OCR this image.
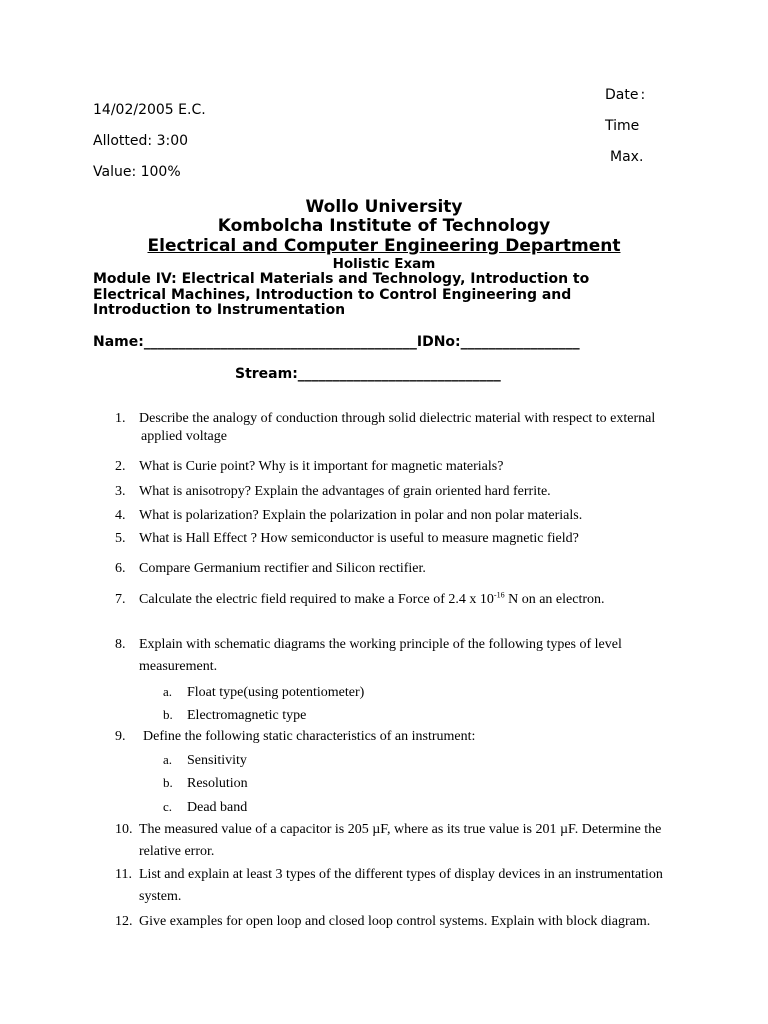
Date :
14/02/2005 E.C.
Time
Allotted: 3:00
Max.
Value: 100%
Wollo University
Kombolcha Institute of Technology
Electrical and Computer Engineering Department
Holistic Exam
Module IV: Electrical Materials and Technology, Introduction to Electrical Machines, Introduction to Control Engineering and Introduction to Instrumentation
Name:_______________________________________IDNo:_________________
Stream:_____________________________
1. Describe the analogy of conduction through solid dielectric material with respect to external
applied voltage
2. What is Curie point? Why is it important for magnetic materials?
3. What is anisotropy? Explain the advantages of grain oriented hard ferrite.
4. What is polarization? Explain the polarization in polar and non polar materials.
5. What is Hall Effect ? How semiconductor is useful to measure magnetic field?
6. Compare Germanium rectifier and Silicon rectifier.
7. Calculate the electric field required to make a Force of 2.4 x $10^{-16}$ N on an electron.
8. Explain with schematic diagrams the working principle of the following types of level
measurement.
a. Float type(using potentiometer)
b. Electromagnetic type
9. Define the following static characteristics of an instrument:
a. Sensitivity
b. Resolution
c. Dead band
10. The measured value of a capacitor is 205 µF, where as its true value is 201 µF. Determine the
relative error.
11. List and explain at least 3 types of the different types of display devices in an instrumentation
system.
12. Give examples for open loop and closed loop control systems. Explain with block diagram.
